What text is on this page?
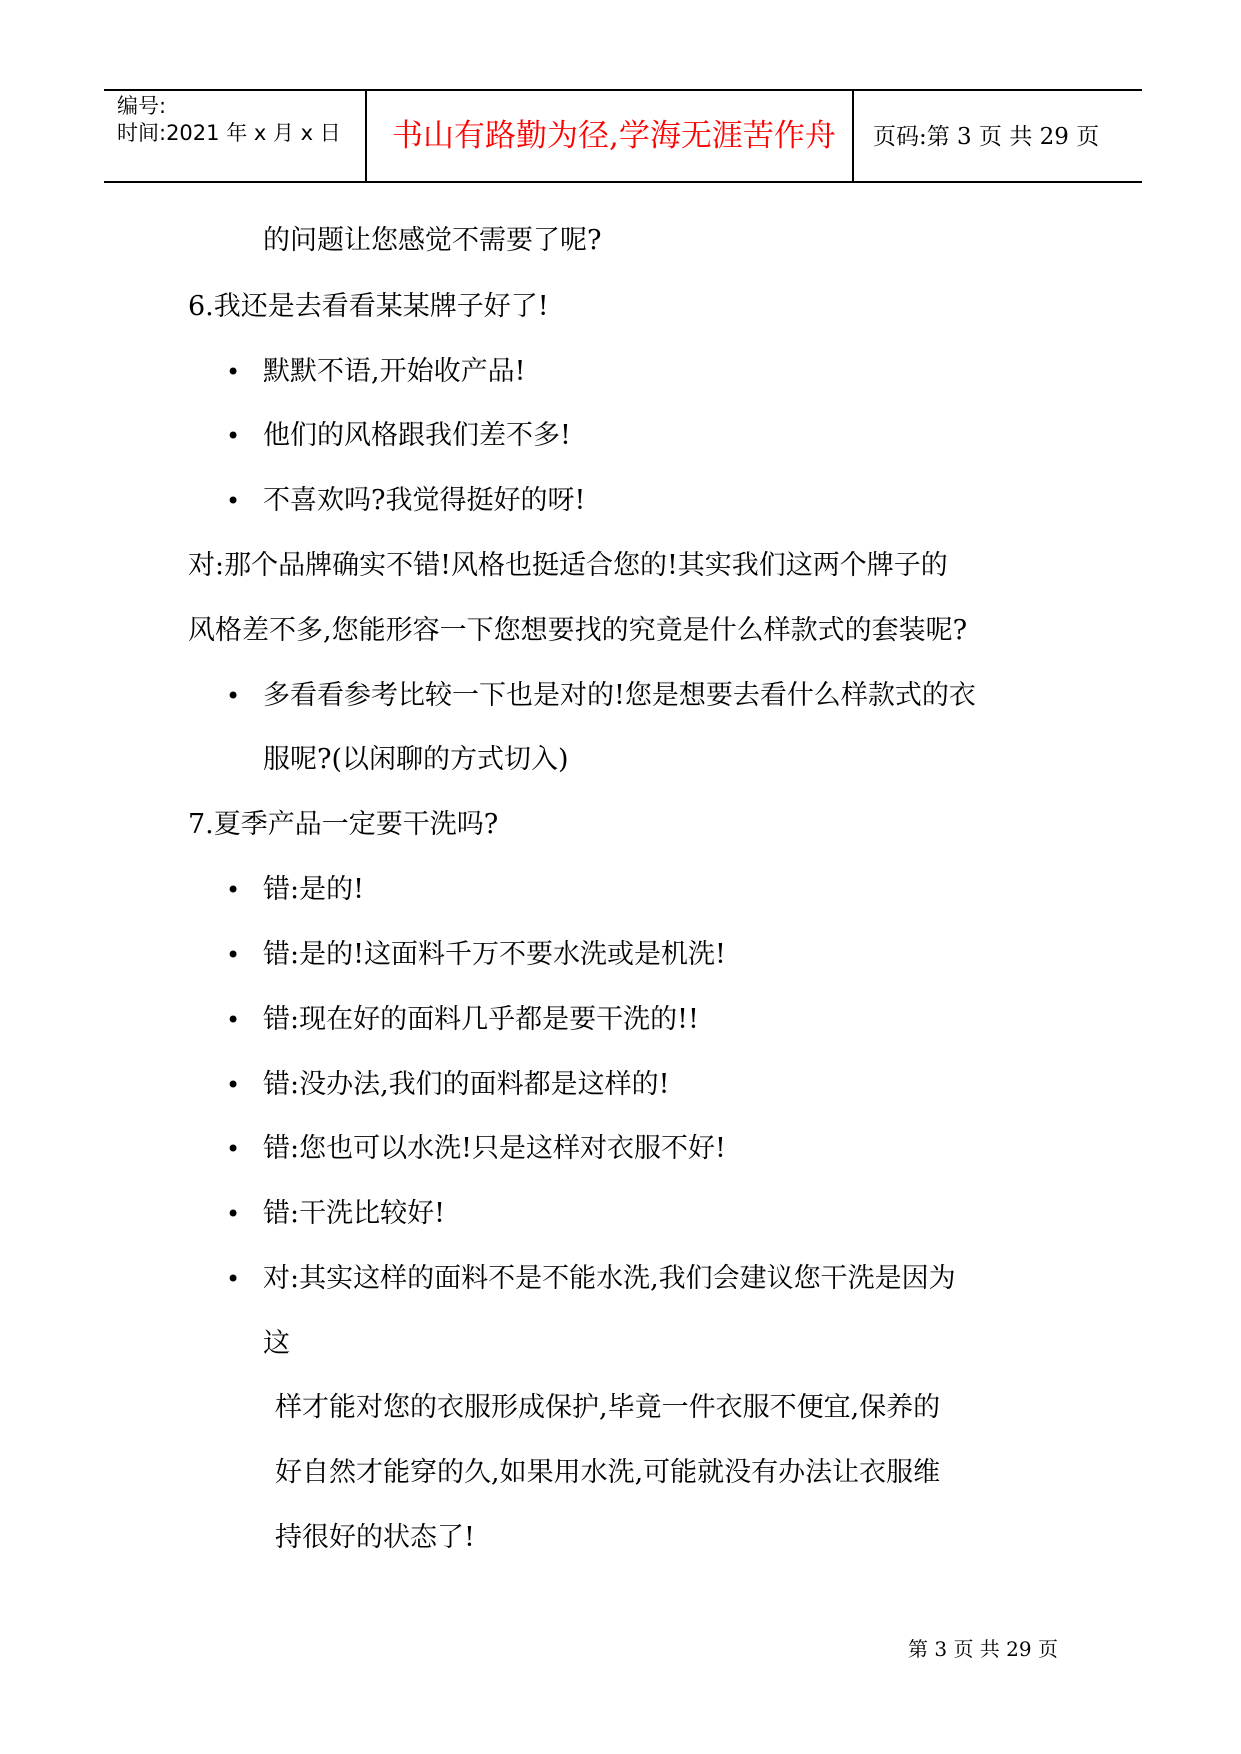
编号:
时间:2021 年 x 月 x 日 书山有路勤为径,学海无涯苦作舟 页码:第 3 页 共 29 页
的问题让您感觉不需要了呢?
6.我还是去看看某某牌子好了!
• 默默不语,开始收产品!
• 他们的风格跟我们差不多!
• 不喜欢吗?我觉得挺好的呀!
对:那个品牌确实不错!风格也挺适合您的!其实我们这两个牌子的
风格差不多,您能形容一下您想要找的究竟是什么样款式的套装呢?
• 多看看参考比较一下也是对的!您是想要去看什么样款式的衣
服呢?(以闲聊的方式切入)
7.夏季产品一定要干洗吗?
• 错:是的!
• 错:是的!这面料千万不要水洗或是机洗!
• 错:现在好的面料几乎都是要干洗的!!
• 错:没办法,我们的面料都是这样的!
• 错:您也可以水洗!只是这样对衣服不好!
• 错:干洗比较好!
• 对:其实这样的面料不是不能水洗,我们会建议您干洗是因为
这
样才能对您的衣服形成保护,毕竟一件衣服不便宜,保养的
好自然才能穿的久,如果用水洗,可能就没有办法让衣服维
持很好的状态了!
第 3 页 共 29 页
